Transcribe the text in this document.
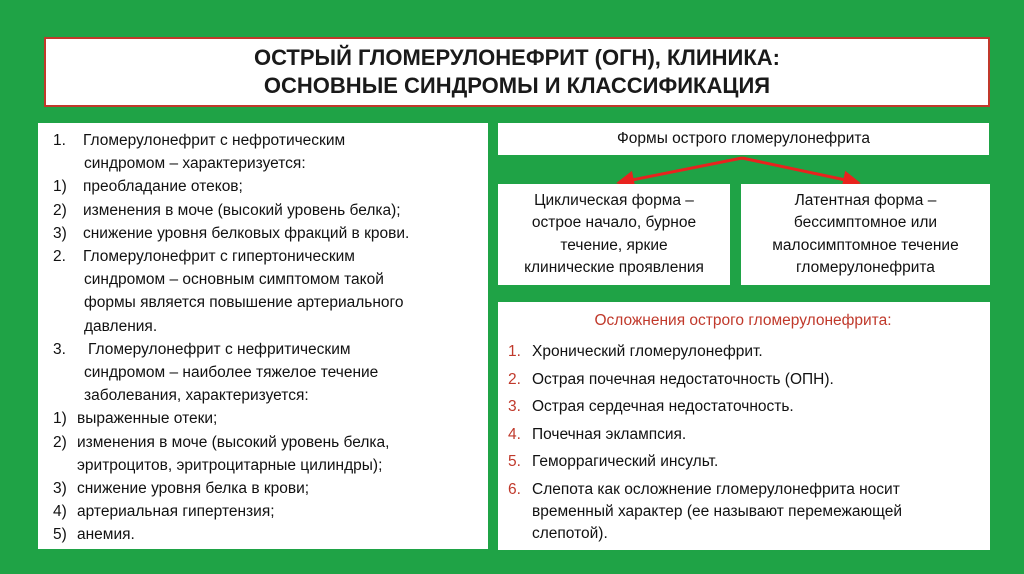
ОСТРЫЙ ГЛОМЕРУЛОНЕФРИТ (ОГН), КЛИНИКА:
ОСНОВНЫЕ СИНДРОМЫ И КЛАССИФИКАЦИЯ
1.	Гломерулонефрит с нефротическим
синдромом – характеризуется:
1)	преобладание отеков;
2)	изменения в моче (высокий уровень белка);
3)	снижение уровня белковых фракций в крови.
2.	Гломерулонефрит с гипертоническим
синдромом – основным симптомом такой
формы является повышение артериального
давления.
3.	Гломерулонефрит с нефритическим
синдромом – наиболее тяжелое течение
заболевания, характеризуется:
1) выраженные отеки;
2) изменения в моче (высокий уровень белка,
эритроцитов, эритроцитарные цилиндры);
3) снижение уровня белка в крови;
4) артериальная гипертензия;
5) анемия.
Формы острого гломерулонефрита
Циклическая форма –
острое начало, бурное
течение, яркие
клинические проявления
Латентная форма –
бессимптомное или
малосимптомное течение
гломерулонефрита
Осложнения острого гломерулонефрита:
1. Хронический гломерулонефрит.
2. Острая почечная недостаточность (ОПН).
3. Острая сердечная недостаточность.
4. Почечная эклампсия.
5. Геморрагический инсульт.
6. Слепота как осложнение гломерулонефрита носит временный характер (ее называют перемежающей слепотой).
